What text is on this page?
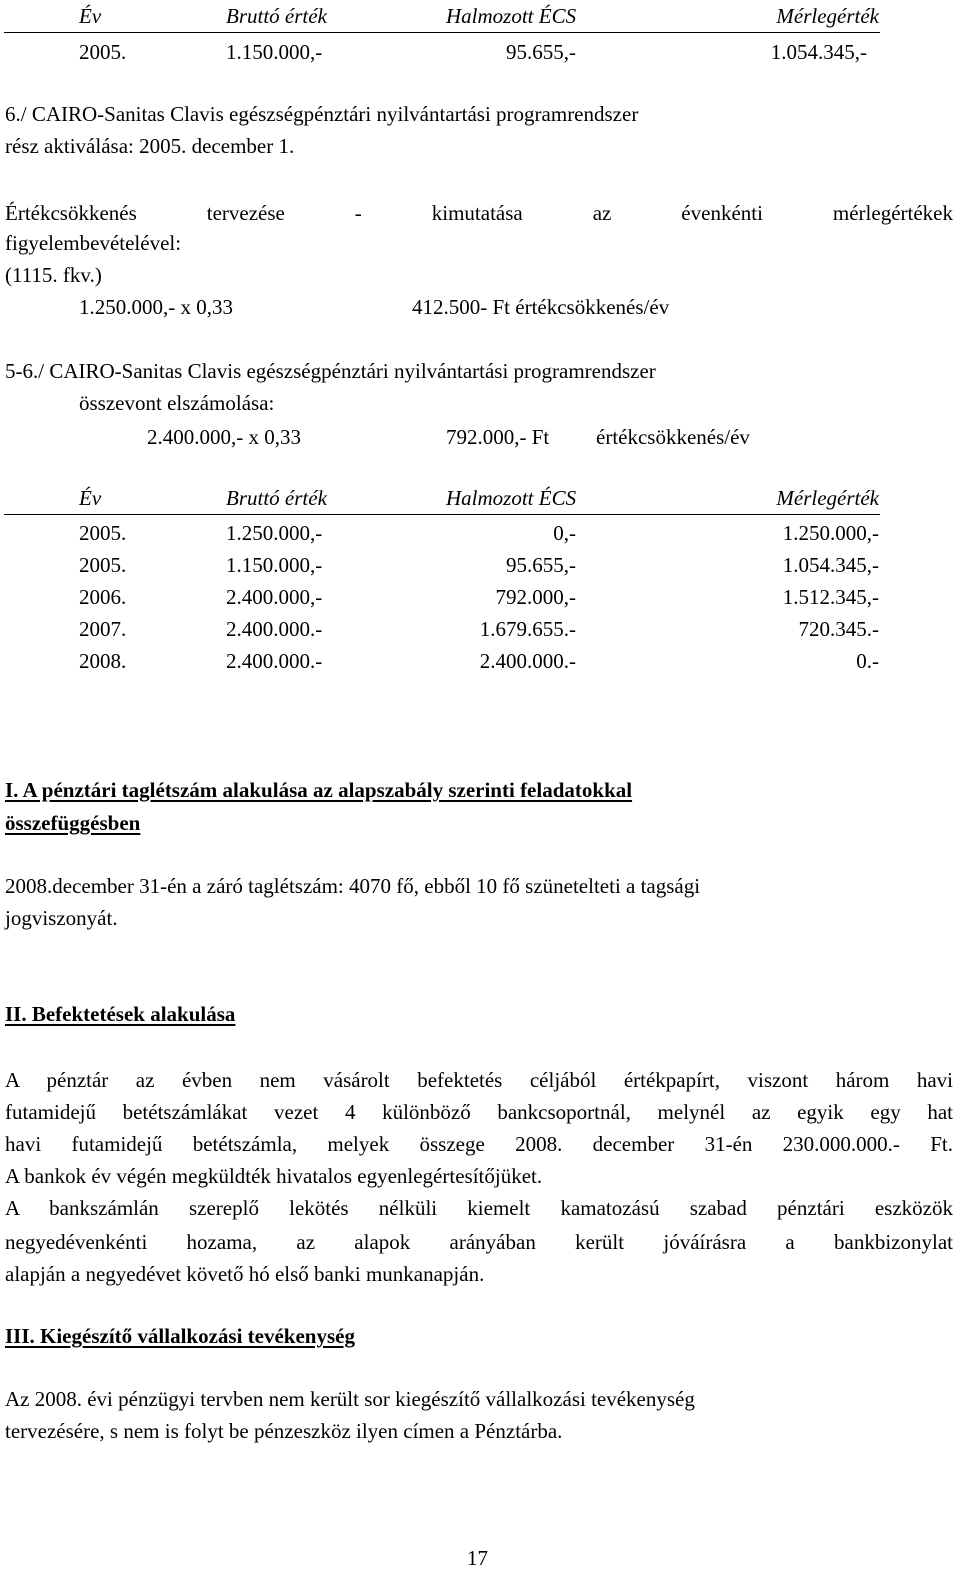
Év	Bruttó érték	Halmozott ÉCS	Mérlegérték
2005.	1.150.000,-	95.655,-	1.054.345,-
6./ CAIRO-Sanitas Clavis egészségpénztári nyilvántartási programrendszer
rész aktiválása: 2005. december 1.
Értékcsökkenés tervezése - kimutatása az évenkénti mérlegértékek
figyelembevételével:
(1115. fkv.)
1.250.000,- x 0,33	412.500- Ft értékcsökkenés/év
5-6./ CAIRO-Sanitas Clavis egészségpénztári nyilvántartási programrendszer
összevont elszámolása:
2.400.000,- x 0,33	792.000,- Ft értékcsökkenés/év
Év	Bruttó érték	Halmozott ÉCS	Mérlegérték
2005.	1.250.000,-	0,-	1.250.000,-
2005.	1.150.000,-	95.655,-	1.054.345,-
2006.	2.400.000,-	792.000,-	1.512.345,-
2007.	2.400.000.-	1.679.655.-	720.345.-
2008.	2.400.000.-	2.400.000.-	0.-
I. A pénztári taglétszám alakulása az alapszabály szerinti feladatokkal
összefüggésben
2008.december 31-én a záró taglétszám: 4070 fő, ebből 10 fő szünetelteti a tagsági
jogviszonyát.
II. Befektetések alakulása
A pénztár az évben nem vásárolt befektetés céljából értékpapírt, viszont három havi
futamidejű betétszámlákat vezet 4 különböző bankcsoportnál, melynél az egyik egy hat
havi futamidejű betétszámla, melyek összege 2008. december 31-én 230.000.000.- Ft.
A bankok év végén megküldték hivatalos egyenlegértesítőjüket.
A bankszámlán szereplő lekötés nélküli kiemelt kamatozású szabad pénztári eszközök
negyedévenkénti hozama, az alapok arányában került jóváírásra a bankbizonylat
alapján a negyedévet követő hó első banki munkanapján.
III. Kiegészítő vállalkozási tevékenység
Az 2008. évi pénzügyi tervben nem került sor kiegészítő vállalkozási tevékenység
tervezésére, s nem is folyt be pénzeszköz ilyen címen a Pénztárba.
17
